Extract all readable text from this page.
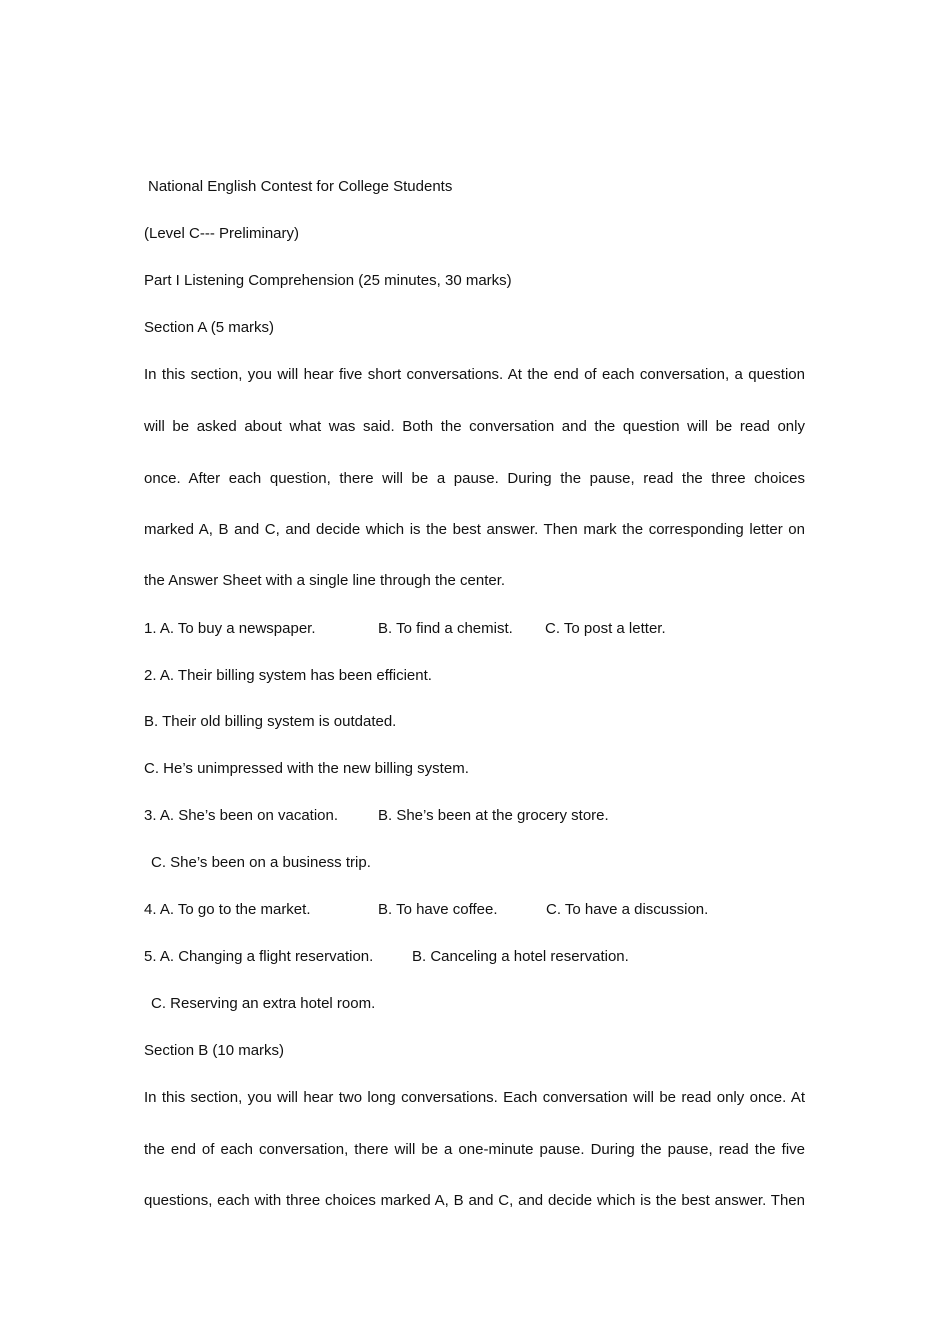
National English Contest for College Students
(Level C--- Preliminary)
Part I Listening Comprehension (25 minutes, 30 marks)
Section A (5 marks)
In this section, you will hear five short conversations. At the end of each conversation, a question
will be asked about what was said. Both the conversation and the question will be read only
once. After each question, there will be a pause. During the pause, read the three choices
marked A, B and C, and decide which is the best answer. Then mark the corresponding letter on
the Answer Sheet with a single line through the center.
1. A. To buy a newspaper.	B. To find a chemist. C. To post a letter.
2. A. Their billing system has been efficient.
B. Their old billing system is outdated.
C. He’s unimpressed with the new billing system.
3. A. She’s been on vacation.	B. She’s been at the grocery store.
C. She’s been on a business trip.
4. A. To go to the market.	B. To have coffee.	C. To have a discussion.
5. A. Changing a flight reservation.	B. Canceling a hotel reservation.
C. Reserving an extra hotel room.
Section B (10 marks)
In this section, you will hear two long conversations. Each conversation will be read only once. At
the end of each conversation, there will be a one-minute pause. During the pause, read the five
questions, each with three choices marked A, B and C, and decide which is the best answer. Then
